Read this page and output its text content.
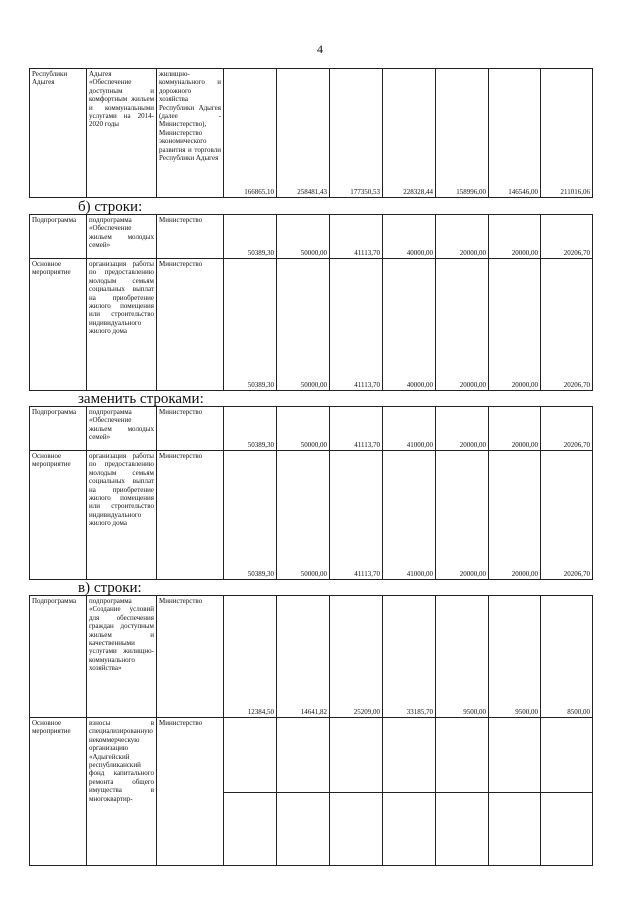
4
Республики Адыгея	Адыгея «Обеспечение доступным и комфортным жильем и коммунальными услугами на 2014-2020 годы	жилищно-коммунального и дорожного хозяйства Республики Адыгея (далее - Министерство), Министерство экономического развития и торговли Республики Адыгея	166865,10	258481,43	177350,53	228328,44	158996,00	146546,00	211016,06
б) строки:
Подпрограмма	подпрограмма «Обеспечение жильем молодых семей»	Министерство	50389,30	50000,00	41113,70	40000,00	20000,00	20000,00	20206,70
Основное мероприятие	организация работы по предоставлению молодым семьям социальных выплат на приобретение жилого помещения или строительство индивидуального жилого дома	Министерство	50389,30	50000,00	41113,70	40000,00	20000,00	20000,00	20206,70
заменить строками:
Подпрограмма	подпрограмма «Обеспечение жильем молодых семей»	Министерство	50389,30	50000,00	41113,70	41000,00	20000,00	20000,00	20206,70
Основное мероприятие	организация работы по предоставлению молодым семьям социальных выплат на приобретение жилого помещения или строительство индивидуального жилого дома	Министерство	50389,30	50000,00	41113,70	41000,00	20000,00	20000,00	20206,70
в) строки:
Подпрограмма	подпрограмма «Создание условий для обеспечения граждан доступным жильем и качественными услугами жилищно-коммунального хозяйства»	Министерство	12384,50	14641,82	25209,00	33185,70	9500,00	9500,00	8500,00
Основное мероприятие	взносы в специализированную некоммерческую организацию «Адыгейский республиканский фонд капитального ремонта общего имущества в многоквартир-	Министерство	
